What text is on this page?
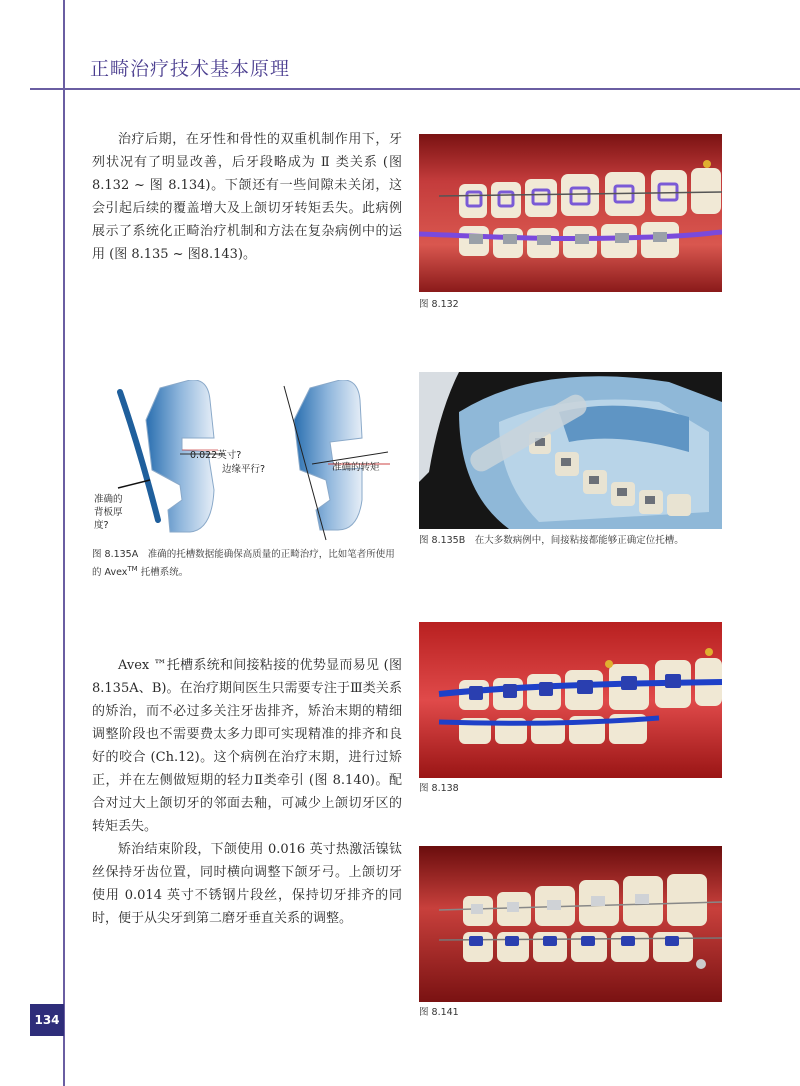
正畸治疗技术基本原理

治疗后期，在牙性和骨性的双重机制作用下，牙列状况有了明显改善，后牙段略成为 Ⅱ 类关系 (图 8.132 ~ 图 8.134)。下颌还有一些间隙未关闭，这会引起后续的覆盖增大及上颌切牙转矩丢失。此病例展示了系统化正畸治疗机制和方法在复杂病例中的运用 (图 8.135 ~ 图8.143)。

图 8.132
0.022英寸?
边缘平行?
准确的
背板厚
度?
准确的转矩
图 8.135A　准确的托槽数据能确保高质量的正畸治疗，比如笔者所使用的 Avex™ 托槽系统。
图 8.135B　在大多数病例中，间接粘接都能够正确定位托槽。

Avex ™托槽系统和间接粘接的优势显而易见 (图 8.135A、B)。在治疗期间医生只需要专注于Ⅲ类关系的矫治，而不必过多关注牙齿排齐，矫治末期的精细调整阶段也不需要费太多力即可实现精准的排齐和良好的咬合 (Ch.12)。这个病例在治疗末期，进行过矫正，并在左侧做短期的轻力Ⅱ类牵引 (图 8.140)。配合对过大上颌切牙的邻面去釉，可减少上颌切牙区的转矩丢失。

矫治结束阶段，下颌使用 0.016 英寸热激活镍钛丝保持牙齿位置，同时横向调整下颌牙弓。上颌切牙使用 0.014 英寸不锈钢片段丝，保持切牙排齐的同时，便于从尖牙到第二磨牙垂直关系的调整。

图 8.138
图 8.141
134
